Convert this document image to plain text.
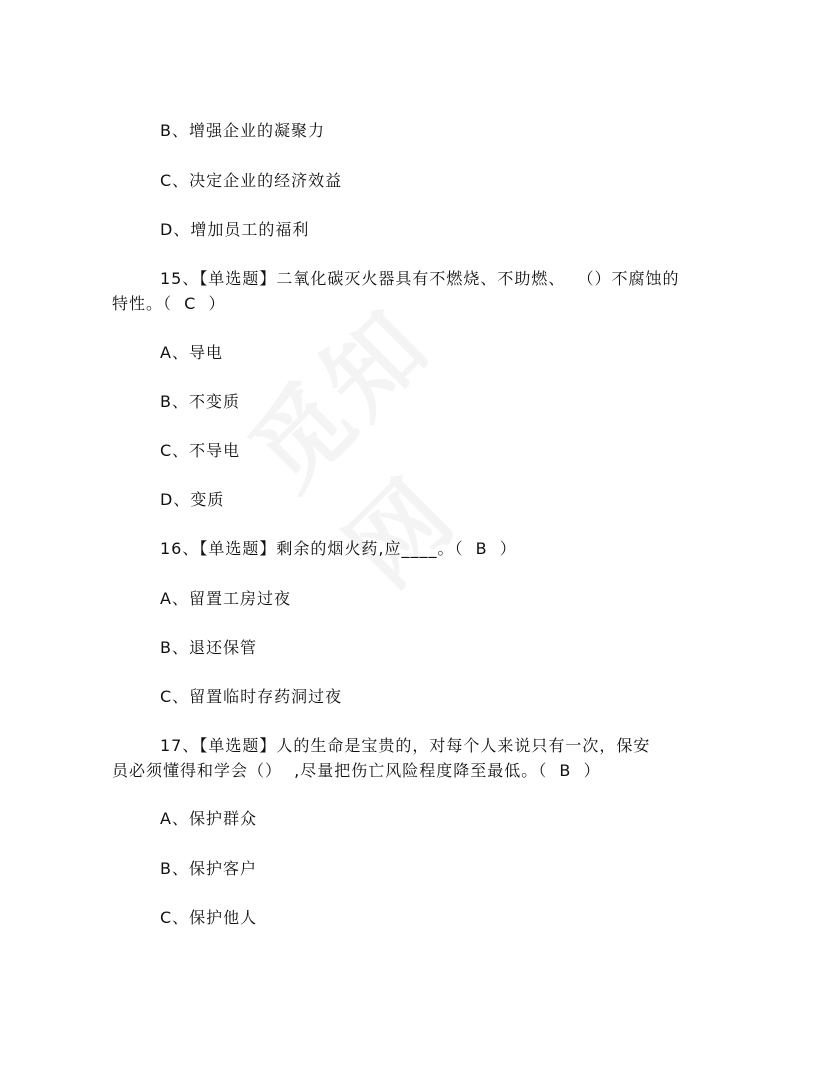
B、增强企业的凝聚力
C、决定企业的经济效益
D、增加员工的福利
15、【单选题】二氧化碳灭火器具有不燃烧、不助燃、  （）不腐蚀的
特性。（  C  ）
A、导电
B、不变质
C、不导电
D、变质
16、【单选题】剩余的烟火药,应____。（  B  ）
A、留置工房过夜
B、退还保管
C、留置临时存药洞过夜
17、【单选题】人的生命是宝贵的，对每个人来说只有一次，保安
员必须懂得和学会（）  ,尽量把伤亡风险程度降至最低。（  B  ）
A、保护群众
B、保护客户
C、保护他人
